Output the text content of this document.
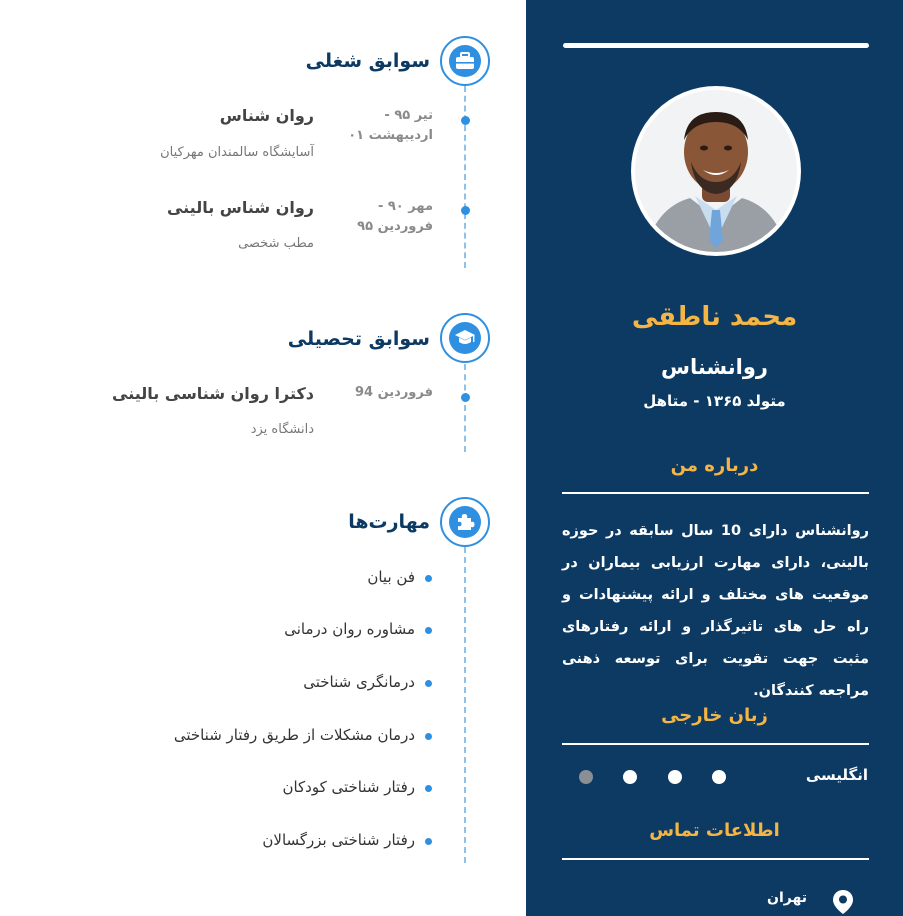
محمد ناطقی
روانشناس
متولد ۱۳۶۵ - متاهل
درباره من
روانشناس دارای 10 سال سابقه در حوزه بالینی، دارای مهارت ارزیابی بیماران در موقعیت های مختلف و ارائه پیشنهادات و راه حل های تاثیرگذار و ارائه رفتارهای مثبت جهت تقویت برای توسعه ذهنی مراجعه کنندگان.
زبان خارجی
انگلیسی
اطلاعات تماس
تهران
سوابق شغلی
تیر ۹۵ - اردیبهشت ۰۱
روان شناس
آسایشگاه سالمندان مهرکیان
مهر ۹۰ - فروردین ۹۵
روان شناس بالینی
مطب شخصی
سوابق تحصیلی
فروردین 94
دکترا روان شناسی بالینی
دانشگاه یزد
مهارت‌ها
فن بیان
مشاوره روان درمانی
درمانگری شناختی
درمان مشکلات از طریق رفتار شناختی
رفتار شناختی کودکان
رفتار شناختی بزرگسالان
